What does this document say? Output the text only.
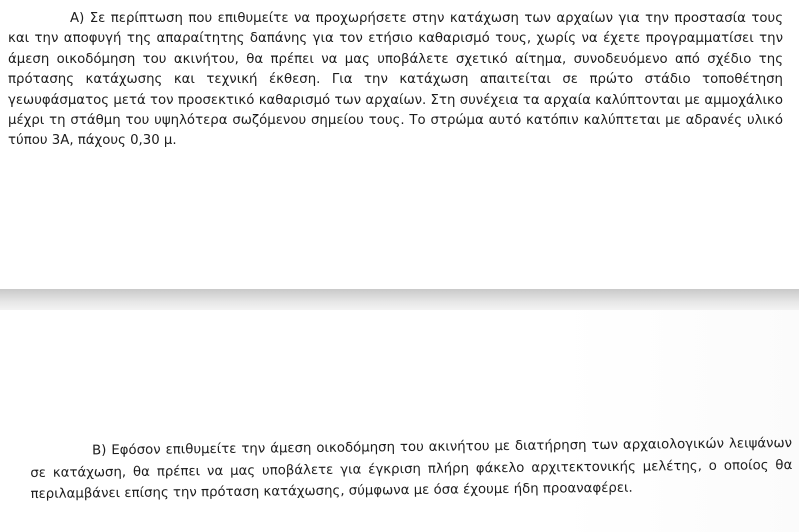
Α) Σε περίπτωση που επιθυμείτε να προχωρήσετε στην κατάχωση των αρχαίων για την προστασία τους και την αποφυγή της απαραίτητης δαπάνης για τον ετήσιο καθαρισμό τους, χωρίς να έχετε προγραμματίσει την άμεση οικοδόμηση του ακινήτου, θα πρέπει να μας υποβάλετε σχετικό αίτημα, συνοδευόμενο από σχέδιο της πρότασης κατάχωσης και τεχνική έκθεση. Για την κατάχωση απαιτείται σε πρώτο στάδιο τοποθέτηση γεωυφάσματος μετά τον προσεκτικό καθαρισμό των αρχαίων. Στη συνέχεια τα αρχαία καλύπτονται με αμμοχάλικο μέχρι τη στάθμη του υψηλότερα σωζόμενου σημείου τους. Το στρώμα αυτό κατόπιν καλύπτεται με αδρανές υλικό τύπου 3Α, πάχους 0,30 μ.

Β) Εφόσον επιθυμείτε την άμεση οικοδόμηση του ακινήτου με διατήρηση των αρχαιολογικών λειψάνων σε κατάχωση, θα πρέπει να μας υποβάλετε για έγκριση πλήρη φάκελο αρχιτεκτονικής μελέτης, ο οποίος θα περιλαμβάνει επίσης την πρόταση κατάχωσης, σύμφωνα με όσα έχουμε ήδη προαναφέρει.
